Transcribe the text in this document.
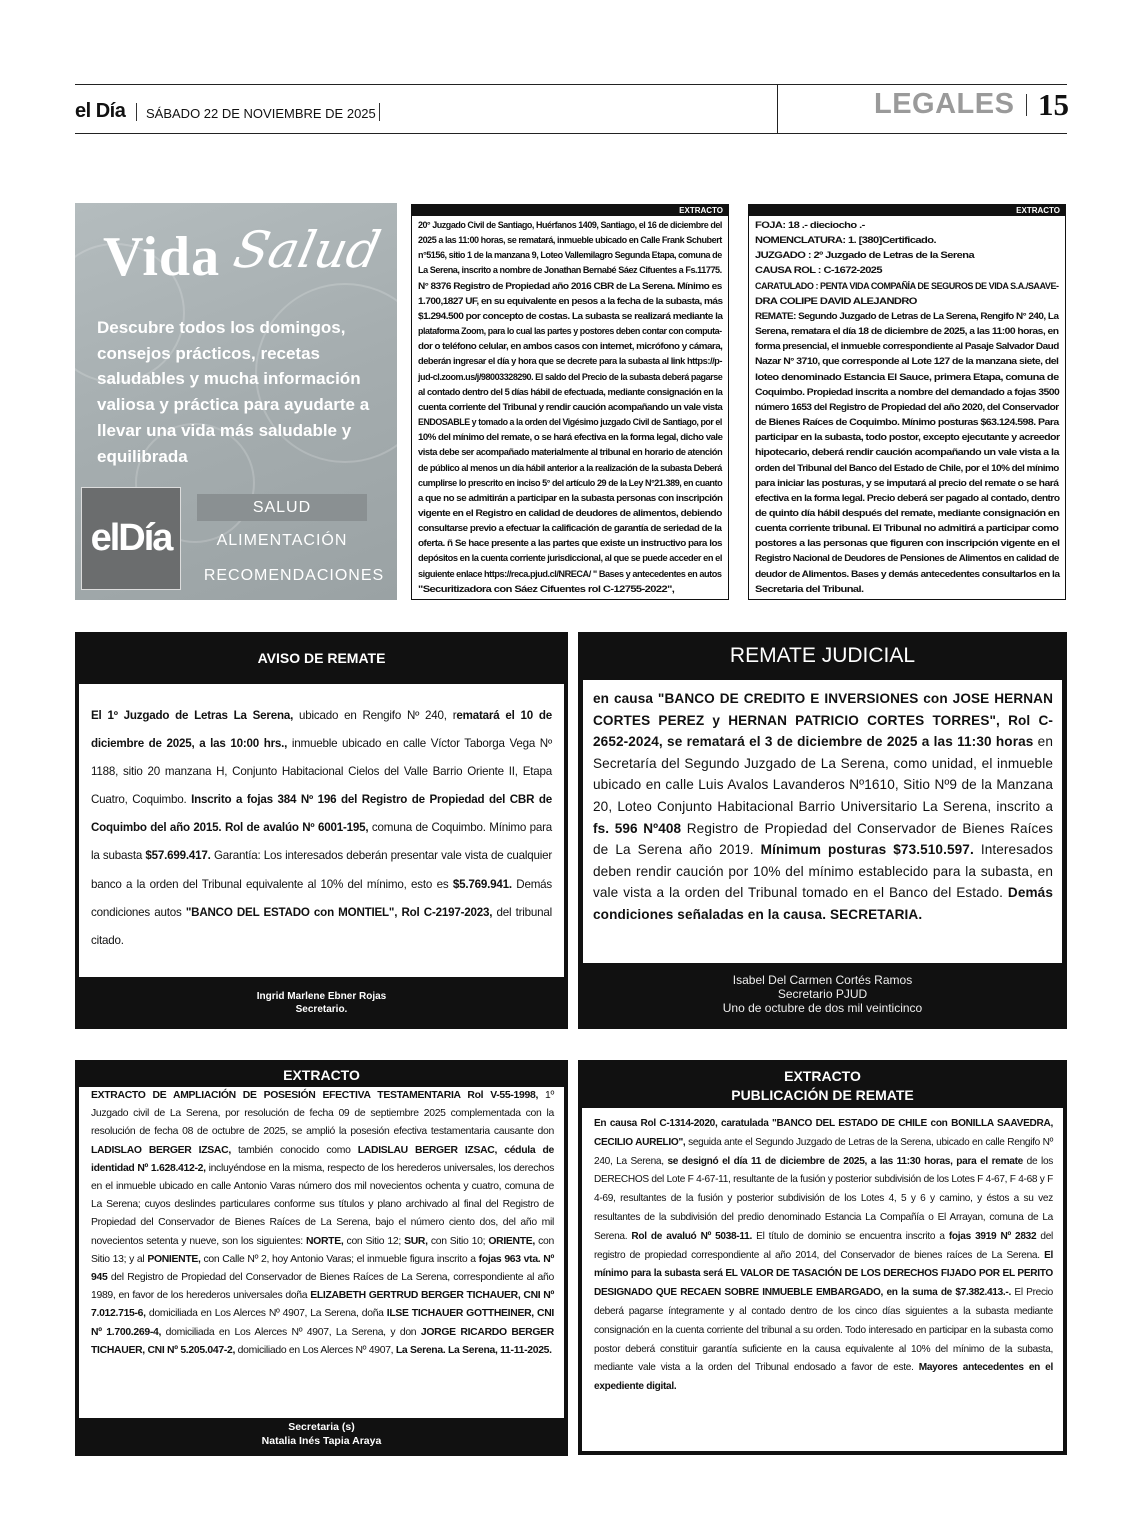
el Día SÁBADO 22 DE NOVIEMBRE DE 2025	LEGALES 15
Vida Salud
Descubre todos los domingos, consejos prácticos, recetas saludables y mucha información valiosa y práctica para ayudarte a llevar una vida más saludable y equilibrada
elDía
SALUD
ALIMENTACIÓN
RECOMENDACIONES
EXTRACTO
20° Juzgado Civil de Santiago, Huérfanos 1409, Santiago, el 16 de diciembre del
2025 a las 11:00 horas, se rematará, inmueble ubicado en Calle Frank Schubert
n°5156, sitio 1 de la manzana 9, Loteo Vallemilagro Segunda Etapa, comuna de
La Serena, inscrito a nombre de Jonathan Bernabé Sáez Cifuentes a Fs.11775.
N° 8376 Registro de Propiedad año 2016 CBR de La Serena. Mínimo es
1.700,1827 UF, en su equivalente en pesos a la fecha de la subasta, más
$1.294.500 por concepto de costas. La subasta se realizará mediante la
plataforma Zoom, para lo cual las partes y postores deben contar con computa-
dor o teléfono celular, en ambos casos con internet, micrófono y cámara,
deberán ingresar el día y hora que se decrete para la subasta al link https://p-
jud-cl.zoom.us/j/98003328290. El saldo del Precio de la subasta deberá pagarse
al contado dentro del 5 días hábil de efectuada, mediante consignación en la
cuenta corriente del Tribunal y rendir caución acompañando un vale vista
ENDOSABLE y tomado a la orden del Vigésimo juzgado Civil de Santiago, por el
10% del mínimo del remate, o se hará efectiva en la forma legal, dicho vale
vista debe ser acompañado materialmente al tribunal en horario de atención
de público al menos un día hábil anterior a la realización de la subasta Deberá
cumplirse lo prescrito en inciso 5° del artículo 29 de la Ley N°21.389, en cuanto
a que no se admitirán a participar en la subasta personas con inscripción
vigente en el Registro en calidad de deudores de alimentos, debiendo
consultarse previo a efectuar la calificación de garantía de seriedad de la
oferta. ñ Se hace presente a las partes que existe un instructivo para los
depósitos en la cuenta corriente jurisdiccional, al que se puede acceder en el
siguiente enlace https://reca.pjud.cl/NRECA/ " Bases y antecedentes en autos
"Securitizadora con Sáez Cifuentes rol C-12755-2022",
EXTRACTO
FOJA: 18 .- dieciocho .-
NOMENCLATURA: 1. [380]Certificado.
JUZGADO : 2º Juzgado de Letras de la Serena
CAUSA ROL : C-1672-2025
CARATULADO : PENTA VIDA COMPAÑÍA DE SEGUROS DE VIDA S.A./SAAVE-
DRA COLIPE DAVID ALEJANDRO
REMATE: Segundo Juzgado de Letras de La Serena, Rengifo N° 240, La
Serena, rematara el día 18 de diciembre de 2025, a las 11:00 horas, en
forma presencial, el inmueble correspondiente al Pasaje Salvador Daud
Nazar N° 3710, que corresponde al Lote 127 de la manzana siete, del
loteo denominado Estancia El Sauce, primera Etapa, comuna de
Coquimbo. Propiedad inscrita a nombre del demandado a fojas 3500
número 1653 del Registro de Propiedad del año 2020, del Conservador
de Bienes Raíces de Coquimbo. Mínimo posturas $63.124.598. Para
participar en la subasta, todo postor, excepto ejecutante y acreedor
hipotecario, deberá rendir caución acompañando un vale vista a la
orden del Tribunal del Banco del Estado de Chile, por el 10% del mínimo
para iniciar las posturas, y se imputará al precio del remate o se hará
efectiva en la forma legal. Precio deberá ser pagado al contado, dentro
de quinto día hábil después del remate, mediante consignación en
cuenta corriente tribunal. El Tribunal no admitirá a participar como
postores a las personas que figuren con inscripción vigente en el
Registro Nacional de Deudores de Pensiones de Alimentos en calidad de
deudor de Alimentos. Bases y demás antecedentes consultarlos en la
Secretaria del Tribunal.
AVISO DE REMATE

El 1º Juzgado de Letras La Serena, ubicado en Rengifo Nº 240, rematará el 10 de diciembre de 2025, a las 10:00 hrs., inmueble ubicado en calle Víctor Taborga Vega Nº 1188, sitio 20 manzana H, Conjunto Habitacional Cielos del Valle Barrio Oriente II, Etapa Cuatro, Coquimbo. Inscrito a fojas 384 Nº 196 del Registro de Propiedad del CBR de Coquimbo del año 2015. Rol de avalúo Nº 6001-195, comuna de Coquimbo. Mínimo para la subasta $57.699.417. Garantía: Los interesados deberán presentar vale vista de cualquier banco a la orden del Tribunal equivalente al 10% del mínimo, esto es $5.769.941. Demás condiciones autos "BANCO DEL ESTADO con MONTIEL", Rol C-2197-2023, del tribunal citado.

Ingrid Marlene Ebner Rojas
Secretario.
REMATE JUDICIAL

en causa "BANCO DE CREDITO E INVERSIONES con JOSE HERNAN CORTES PEREZ y HERNAN PATRICIO CORTES TORRES", Rol C-2652-2024, se rematará el 3 de diciembre de 2025 a las 11:30 horas en Secretaría del Segundo Juzgado de La Serena, como unidad, el inmueble ubicado en calle Luis Avalos Lavanderos Nº1610, Sitio Nº9 de la Manzana 20, Loteo Conjunto Habitacional Barrio Universitario La Serena, inscrito a fs. 596 Nº408 Registro de Propiedad del Conservador de Bienes Raíces de La Serena año 2019. Mínimum posturas $73.510.597. Interesados deben rendir caución por 10% del mínimo establecido para la subasta, en vale vista a la orden del Tribunal tomado en el Banco del Estado. Demás condiciones señaladas en la causa. SECRETARIA.

Isabel Del Carmen Cortés Ramos
Secretario PJUD
Uno de octubre de dos mil veinticinco
EXTRACTO

EXTRACTO DE AMPLIACIÓN DE POSESIÓN EFECTIVA TESTAMENTARIA Rol V-55-1998, 1º Juzgado civil de La Serena, por resolución de fecha 09 de septiembre 2025 complementada con la resolución de fecha 08 de octubre de 2025, se amplió la posesión efectiva testamentaria causante don LADISLAO BERGER IZSAC, también conocido como LADISLAU BERGER IZSAC, cédula de identidad Nº 1.628.412-2, incluyéndose en la misma, respecto de los herederos universales, los derechos en el inmueble ubicado en calle Antonio Varas número dos mil novecientos ochenta y cuatro, comuna de La Serena; cuyos deslindes particulares conforme sus títulos y plano archivado al final del Registro de Propiedad del Conservador de Bienes Raíces de La Serena, bajo el número ciento dos, del año mil novecientos setenta y nueve, son los siguientes: NORTE, con Sitio 12; SUR, con Sitio 10; ORIENTE, con Sitio 13; y al PONIENTE, con Calle Nº 2, hoy Antonio Varas; el inmueble figura inscrito a fojas 963 vta. Nº 945 del Registro de Propiedad del Conservador de Bienes Raíces de La Serena, correspondiente al año 1989, en favor de los herederos universales doña ELIZABETH GERTRUD BERGER TICHAUER, CNI Nº 7.012.715-6, domiciliada en Los Alerces Nº 4907, La Serena, doña ILSE TICHAUER GOTTHEINER, CNI Nº 1.700.269-4, domiciliada en Los Alerces Nº 4907, La Serena, y don JORGE RICARDO BERGER TICHAUER, CNI Nº 5.205.047-2, domiciliado en Los Alerces Nº 4907, La Serena. La Serena, 11-11-2025.

Secretaria (s)
Natalia Inés Tapia Araya
EXTRACTO
PUBLICACIÓN DE REMATE

En causa Rol C-1314-2020, caratulada "BANCO DEL ESTADO DE CHILE con BONILLA SAAVEDRA, CECILIO AURELIO", seguida ante el Segundo Juzgado de Letras de la Serena, ubicado en calle Rengifo Nº 240, La Serena, se designó el día 11 de diciembre de 2025, a las 11:30 horas, para el remate de los DERECHOS del Lote F 4-67-11, resultante de la fusión y posterior subdivisión de los Lotes F 4-67, F 4-68 y F 4-69, resultantes de la fusión y posterior subdivisión de los Lotes 4, 5 y 6 y camino, y éstos a su vez resultantes de la subdivisión del predio denominado Estancia La Compañía o El Arrayan, comuna de La Serena. Rol de avaluó Nº 5038-11. El título de dominio se encuentra inscrito a fojas 3919 Nº 2832 del registro de propiedad correspondiente al año 2014, del Conservador de bienes raíces de La Serena. El mínimo para la subasta será EL VALOR DE TASACIÓN DE LOS DERECHOS FIJADO POR EL PERITO DESIGNADO QUE RECAEN SOBRE INMUEBLE EMBARGADO, en la suma de $7.382.413.-. El Precio deberá pagarse íntegramente y al contado dentro de los cinco días siguientes a la subasta mediante consignación en la cuenta corriente del tribunal a su orden. Todo interesado en participar en la subasta como postor deberá constituir garantía suficiente en la causa equivalente al 10% del mínimo de la subasta, mediante vale vista a la orden del Tribunal endosado a favor de este. Mayores antecedentes en el expediente digital.
